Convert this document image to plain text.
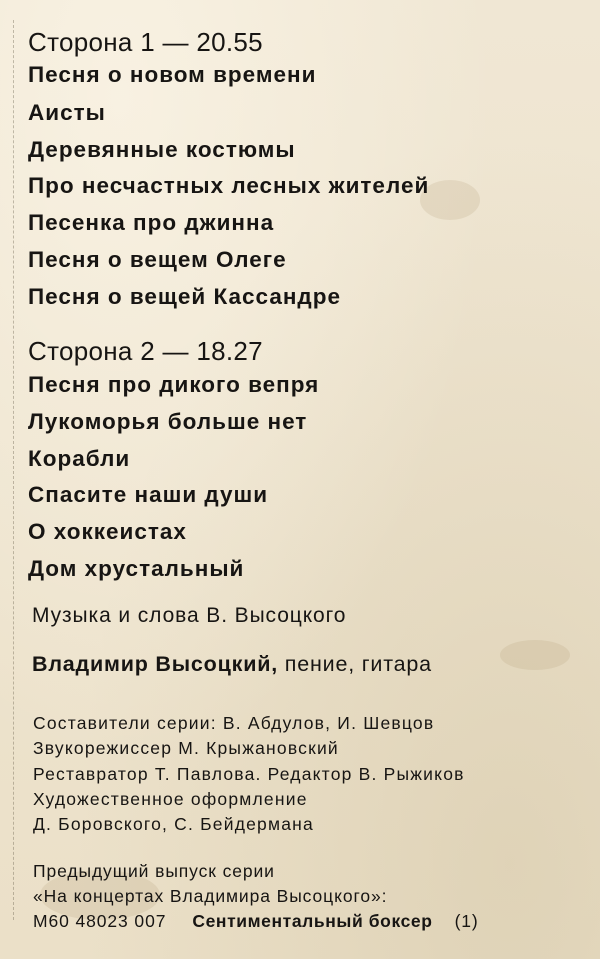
Сторона 1 — 20.55
Песня о новом времени
Аисты
Деревянные костюмы
Про несчастных лесных жителей
Песенка про джинна
Песня о вещем Олеге
Песня о вещей Кассандре
Сторона 2 — 18.27
Песня про дикого вепря
Лукоморья больше нет
Корабли
Спасите наши души
О хоккеистах
Дом хрустальный
Музыка и слова В. Высоцкого
Владимир Высоцкий, пение, гитара
Составители серии: В. Абдулов, И. Шевцов
Звукорежиссер М. Крыжановский
Реставратор Т. Павлова. Редактор В. Рыжиков
Художественное оформление
Д. Боровского, С. Бейдермана
Предыдущий выпуск серии
«На концертах Владимира Высоцкого»:
М60 48023 007 Сентиментальный боксер (1)
